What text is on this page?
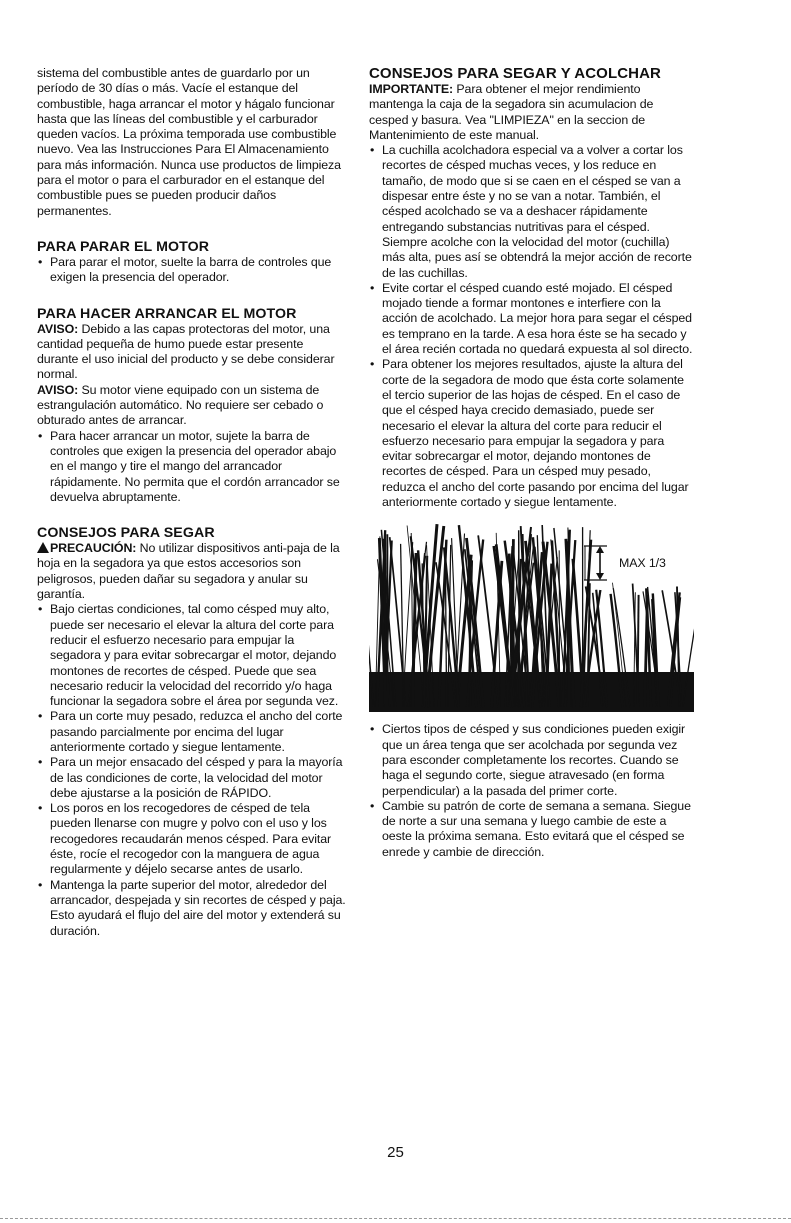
sistema del combustible antes de guardarlo por un período de 30 días o más. Vacíe el estanque del combustible, haga arrancar el motor y hágalo funcionar hasta que las líneas del combustible y el carburador queden vacíos. La próxima temporada use combustible nuevo. Vea las Instrucciones Para El Almacenamiento para más información. Nunca use productos de limpieza para el motor o para el carburador en el estanque del combustible pues se pueden producir daños permanentes.

PARA PARAR EL MOTOR
• Para parar el motor, suelte la barra de controles que exigen la presencia del operador.
PARA HACER ARRANCAR EL MOTOR

AVISO: Debido a las capas protectoras del motor, una cantidad pequeña de humo puede estar presente durante el uso inicial del producto y se debe considerar normal.

AVISO: Su motor viene equipado con un sistema de estrangulación automático. No requiere ser cebado o obturado antes de arrancar.

• Para hacer arrancar un motor, sujete la barra de controles que exigen la presencia del operador abajo en el mango y tire el mango del arrancador rápidamente. No permita que el cordón arrancador se devuelva abruptamente.
CONSEJOS PARA SEGAR

PRECAUCIÓN: No utilizar dispositivos anti-paja de la hoja en la segadora ya que estos accesorios son peligrosos, pueden dañar su segadora y anular su garantía.

• Bajo ciertas condiciones, tal como césped muy alto, puede ser necesario el elevar la altura del corte para reducir el esfuerzo necesario para empujar la segadora y para evitar sobrecargar el motor, dejando montones de recortes de césped. Puede que sea necesario reducir la velocidad del recorrido y/o haga funcionar la segadora sobre el área por segunda vez.
• Para un corte muy pesado, reduzca el ancho del corte pasando parcialmente por encima del lugar anteriormente cortado y siegue lentamente.
• Para un mejor ensacado del césped y para la mayoría de las condiciones de corte, la velocidad del motor debe ajustarse a la posición de RÁPIDO.
• Los poros en los recogedores de césped de tela pueden llenarse con mugre y polvo con el uso y los recogedores recaudarán menos césped. Para evitar éste, rocíe el recogedor con la manguera de agua regularmente y déjelo secarse antes de usarlo.
• Mantenga la parte superior del motor, alrededor del arrancador, despejada y sin recortes de césped y paja. Esto ayudará el flujo del aire del motor y extenderá su duración.
CONSEJOS PARA SEGAR Y ACOLCHAR

IMPORTANTE: Para obtener el mejor rendimiento mantenga la caja de la segadora sin acumulacion de cesped y basura. Vea "LIMPIEZA" en la seccion de Mantenimiento de este manual.

• La cuchilla acolchadora especial va a volver a cortar los recortes de césped muchas veces, y los reduce en tamaño, de modo que si se caen en el césped se van a dispesar entre éste y no se van a notar. También, el césped acolchado se va a deshacer rápidamente entregando substancias nutritivas para el césped. Siempre acolche con la velocidad del motor (cuchilla) más alta, pues así se obtendrá la mejor acción de recorte de las cuchillas.
• Evite cortar el césped cuando esté mojado. El césped mojado tiende a formar montones e interfiere con la acción de acolchado. La mejor hora para segar el césped es temprano en la tarde. A esa hora éste se ha secado y el área recién cortada no quedará expuesta al sol directo.
• Para obtener los mejores resultados, ajuste la altura del corte de la segadora de modo que ésta corte solamente el tercio superior de las hojas de césped. En el caso de que el césped haya crecido demasiado, puede ser necesario el elevar la altura del corte para reducir el esfuerzo necesario para empujar la segadora y para evitar sobrecargar el motor, dejando montones de recortes de césped. Para un césped muy pesado, reduzca el ancho del corte pasando por encima del lugar anteriormente cortado y siegue lentamente.
MAX 1/3
• Ciertos tipos de césped y sus condiciones pueden exigir que un área tenga que ser acolchada por segunda vez para esconder completamente los recortes. Cuando se haga el segundo corte, siegue atravesado (en forma perpendicular) a la pasada del primer corte.
• Cambie su patrón de corte de semana a semana. Siegue de norte a sur una semana y luego cambie de este a oeste la próxima semana. Esto evitará que el césped se enrede y cambie de dirección.
25
